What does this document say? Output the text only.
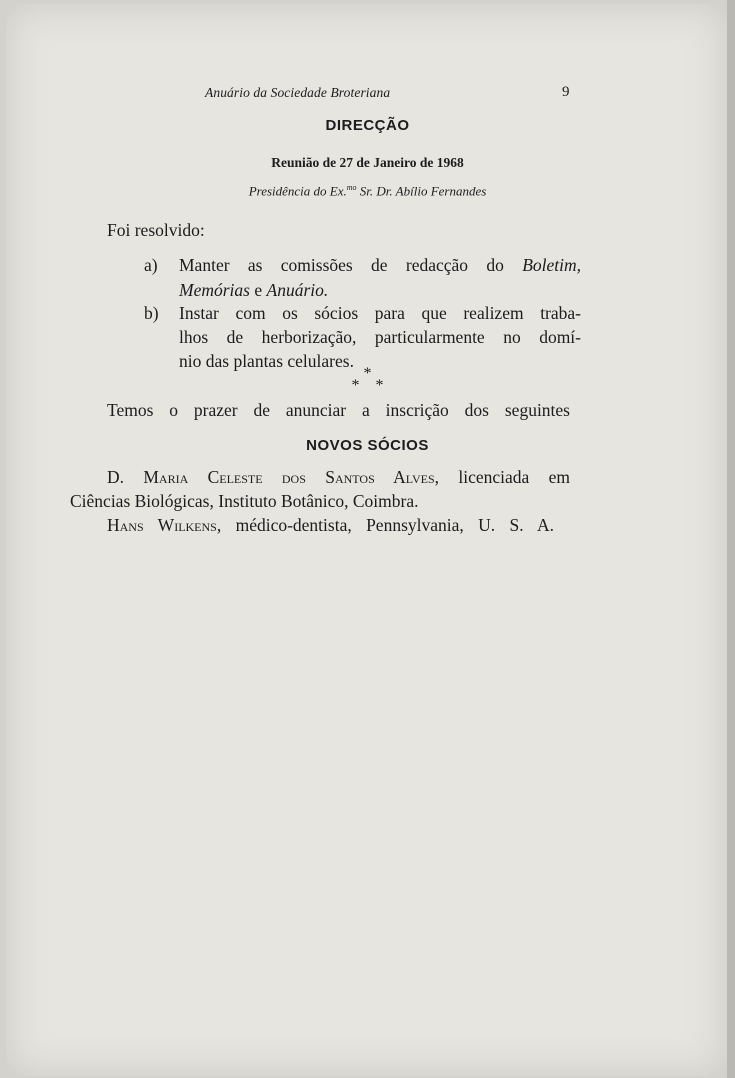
Anuário da Sociedade Broteriana	9

DIRECÇÃO

Reunião de 27 de Janeiro de 1968

Presidência do Ex.$^{mo}$ Sr. Dr. Abílio Fernandes

Foi resolvido:

a) Manter as comissões de redacção do Boletim,

Memórias e Anuário.

b) Instar com os sócios para que realizem traba-

lhos de herborização, particularmente no domí-

nio das plantas celulares.

*
*    *

Temos o prazer de anunciar a inscrição dos seguintes

NOVOS SÓCIOS

D. Maria Celeste dos Santos Alves, licenciada em

Ciências Biológicas, Instituto Botânico, Coimbra.

Hans Wilkens, médico-dentista, Pennsylvania, U. S. A.
